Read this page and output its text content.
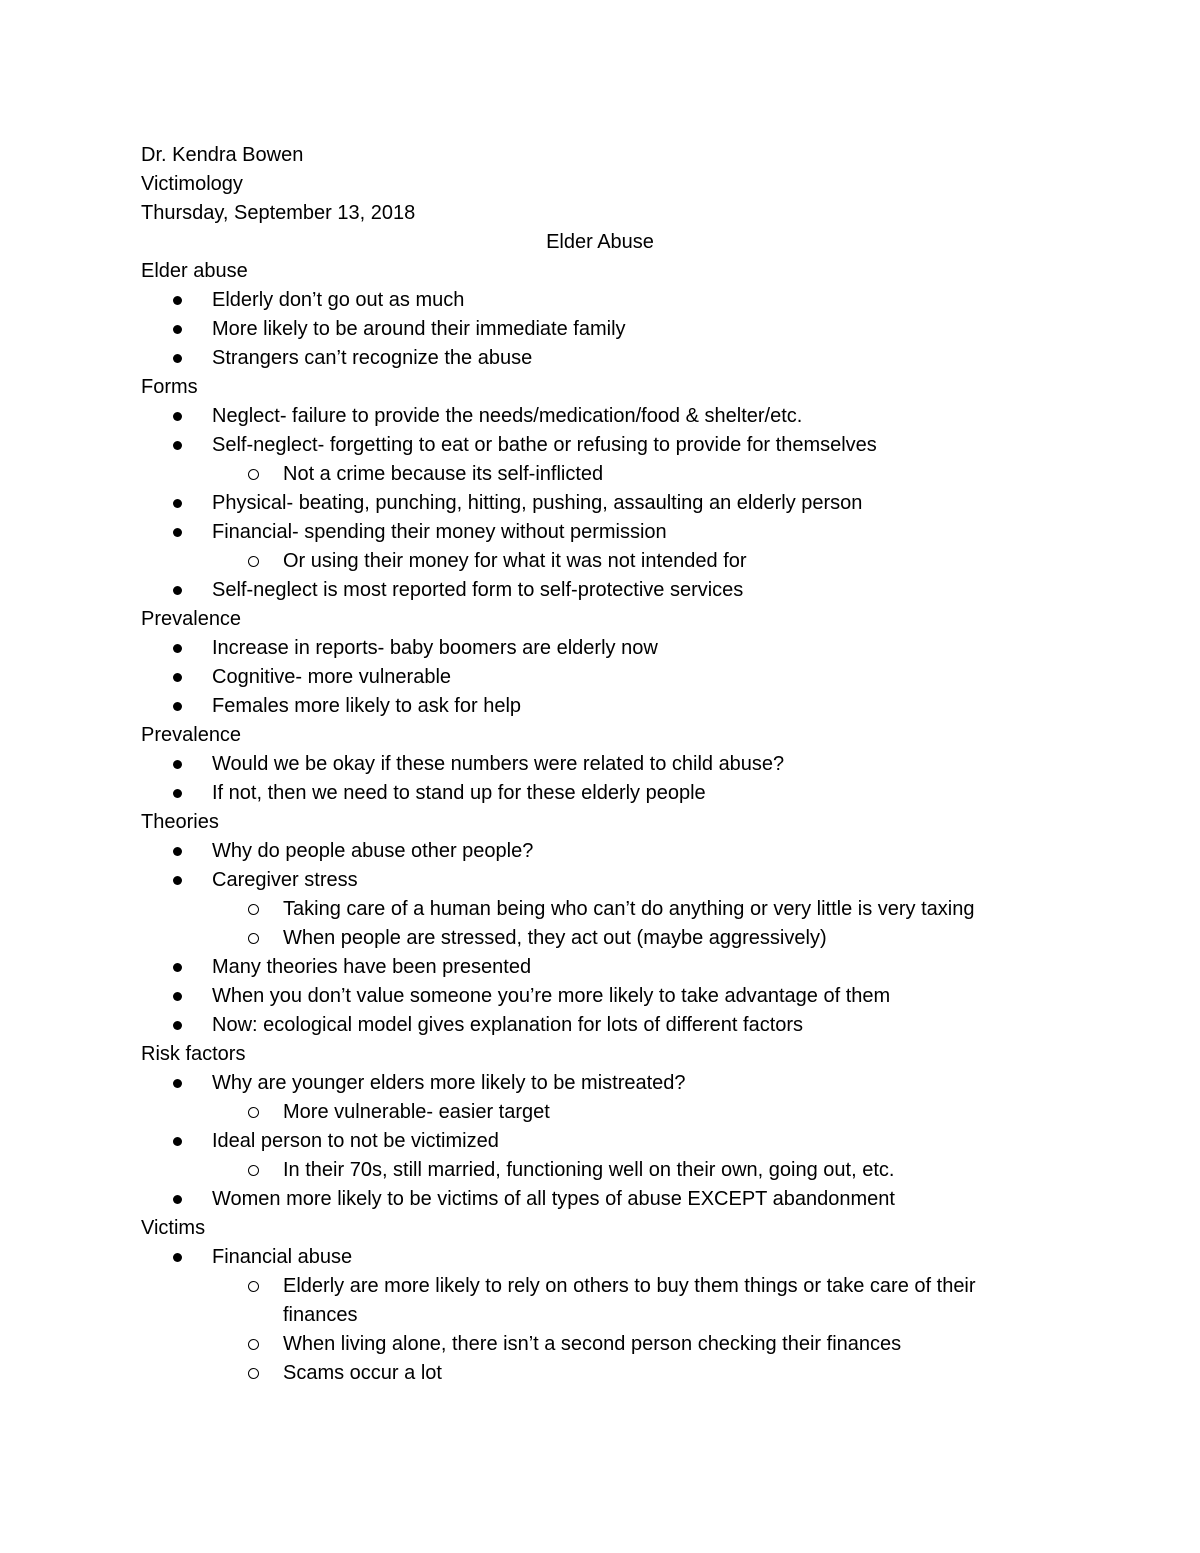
Dr. Kendra Bowen
Victimology
Thursday, September 13, 2018
Elder Abuse
Elder abuse
Elderly don’t go out as much
More likely to be around their immediate family
Strangers can’t recognize the abuse
Forms
Neglect- failure to provide the needs/medication/food & shelter/etc.
Self-neglect- forgetting to eat or bathe or refusing to provide for themselves
Not a crime because its self-inflicted
Physical- beating, punching, hitting, pushing, assaulting an elderly person
Financial- spending their money without permission
Or using their money for what it was not intended for
Self-neglect is most reported form to self-protective services
Prevalence
Increase in reports- baby boomers are elderly now
Cognitive- more vulnerable
Females more likely to ask for help
Prevalence
Would we be okay if these numbers were related to child abuse?
If not, then we need to stand up for these elderly people
Theories
Why do people abuse other people?
Caregiver stress
Taking care of a human being who can’t do anything or very little is very taxing
When people are stressed, they act out (maybe aggressively)
Many theories have been presented
When you don’t value someone you’re more likely to take advantage of them
Now: ecological model gives explanation for lots of different factors
Risk factors
Why are younger elders more likely to be mistreated?
More vulnerable- easier target
Ideal person to not be victimized
In their 70s, still married, functioning well on their own, going out, etc.
Women more likely to be victims of all types of abuse EXCEPT abandonment
Victims
Financial abuse
Elderly are more likely to rely on others to buy them things or take care of their finances
When living alone, there isn’t a second person checking their finances
Scams occur a lot
